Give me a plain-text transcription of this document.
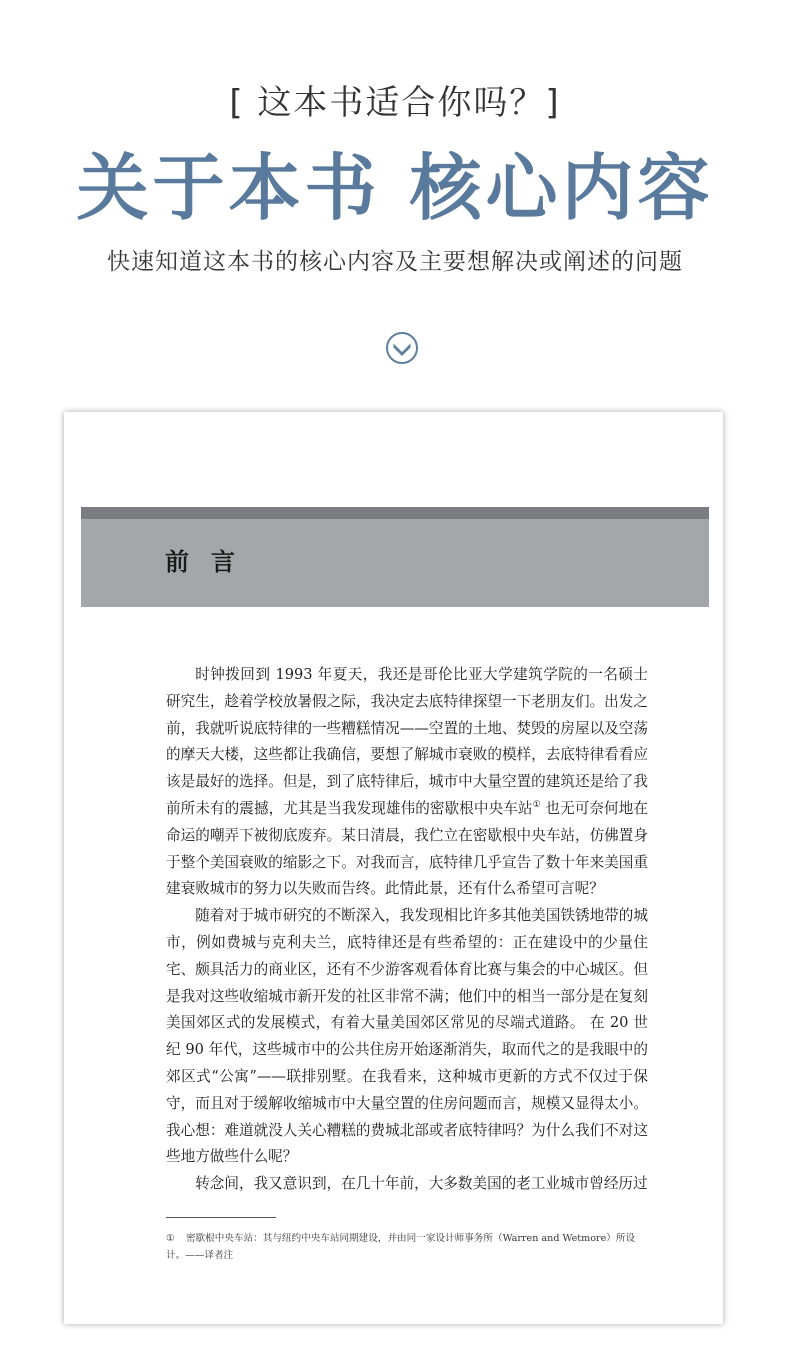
[ 这本书适合你吗？]
关于本书 核心内容
快速知道这本书的核心内容及主要想解决或阐述的问题
前言

时钟拨回到 1993 年夏天，我还是哥伦比亚大学建筑学院的一名硕士研究生，趁着学校放暑假之际，我决定去底特律探望一下老朋友们。出发之前，我就听说底特律的一些糟糕情况——空置的土地、焚毁的房屋以及空荡的摩天大楼，这些都让我确信，要想了解城市衰败的模样，去底特律看看应该是最好的选择。但是，到了底特律后，城市中大量空置的建筑还是给了我前所未有的震撼，尤其是当我发现雄伟的密歇根中央车站① 也无可奈何地在命运的嘲弄下被彻底废弃。某日清晨，我伫立在密歇根中央车站，仿佛置身于整个美国衰败的缩影之下。对我而言，底特律几乎宣告了数十年来美国重建衰败城市的努力以失败而告终。此情此景，还有什么希望可言呢？

随着对于城市研究的不断深入，我发现相比许多其他美国铁锈地带的城市，例如费城与克利夫兰，底特律还是有些希望的：正在建设中的少量住宅、颇具活力的商业区，还有不少游客观看体育比赛与集会的中心城区。但是我对这些收缩城市新开发的社区非常不满；他们中的相当一部分是在复刻美国郊区式的发展模式，有着大量美国郊区常见的尽端式道路。 在 20 世纪 90 年代，这些城市中的公共住房开始逐渐消失，取而代之的是我眼中的郊区式“公寓”——联排别墅。在我看来，这种城市更新的方式不仅过于保守，而且对于缓解收缩城市中大量空置的住房问题而言，规模又显得太小。我心想：难道就没人关心糟糕的费城北部或者底特律吗？为什么我们不对这些地方做些什么呢？

转念间，我又意识到，在几十年前，大多数美国的老工业城市曾经历过

① 密歇根中央车站：其与纽约中央车站同期建设，并由同一家设计师事务所（Warren and Wetmore）所设计。——译者注
